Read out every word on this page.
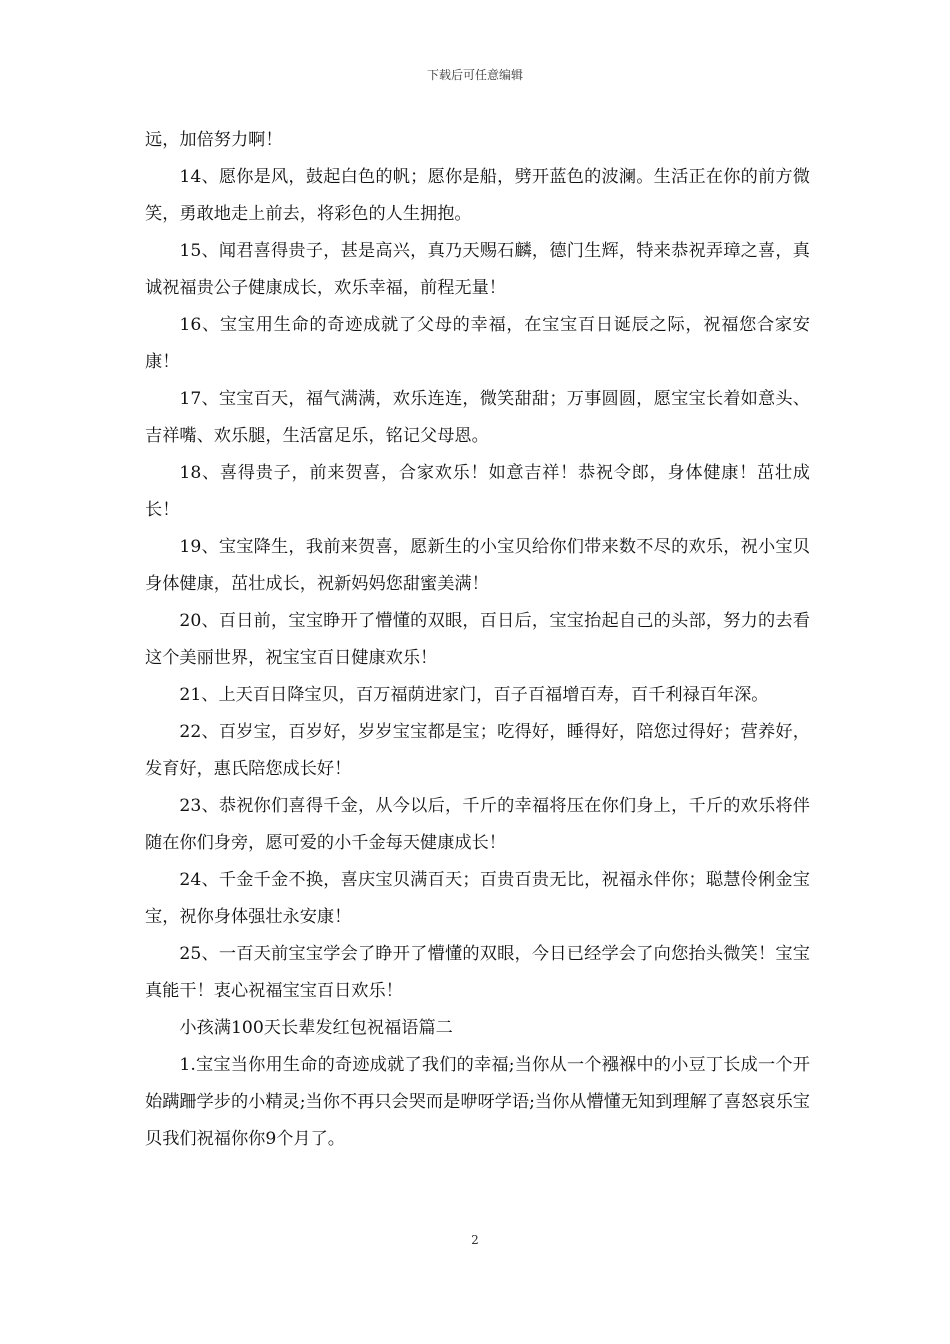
下载后可任意编辑

远，加倍努力啊！

14、愿你是风，鼓起白色的帆；愿你是船，劈开蓝色的波澜。生活正在你的前方微笑，勇敢地走上前去，将彩色的人生拥抱。

15、闻君喜得贵子，甚是高兴，真乃天赐石麟，德门生辉，特来恭祝弄璋之喜，真诚祝福贵公子健康成长，欢乐幸福，前程无量！

16、宝宝用生命的奇迹成就了父母的幸福，在宝宝百日诞辰之际，祝福您合家安康！

17、宝宝百天，福气满满，欢乐连连，微笑甜甜；万事圆圆，愿宝宝长着如意头、吉祥嘴、欢乐腿，生活富足乐，铭记父母恩。

18、喜得贵子，前来贺喜，合家欢乐！如意吉祥！恭祝令郎，身体健康！茁壮成长！

19、宝宝降生，我前来贺喜，愿新生的小宝贝给你们带来数不尽的欢乐，祝小宝贝身体健康，茁壮成长，祝新妈妈您甜蜜美满！

20、百日前，宝宝睁开了懵懂的双眼，百日后，宝宝抬起自己的头部，努力的去看这个美丽世界，祝宝宝百日健康欢乐！

21、上天百日降宝贝，百万福荫进家门，百子百福增百寿，百千利禄百年深。

22、百岁宝，百岁好，岁岁宝宝都是宝；吃得好，睡得好，陪您过得好；营养好，发育好，惠氏陪您成长好！

23、恭祝你们喜得千金，从今以后，千斤的幸福将压在你们身上，千斤的欢乐将伴随在你们身旁，愿可爱的小千金每天健康成长！

24、千金千金不换，喜庆宝贝满百天；百贵百贵无比，祝福永伴你；聪慧伶俐金宝宝，祝你身体强壮永安康！

25、一百天前宝宝学会了睁开了懵懂的双眼，今日已经学会了向您抬头微笑！宝宝真能干！衷心祝福宝宝百日欢乐！

小孩满100天长辈发红包祝福语篇二

1.宝宝当你用生命的奇迹成就了我们的幸福;当你从一个襁褓中的小豆丁长成一个开始蹒跚学步的小精灵;当你不再只会哭而是咿呀学语;当你从懵懂无知到理解了喜怒哀乐宝贝我们祝福你你9个月了。

2
